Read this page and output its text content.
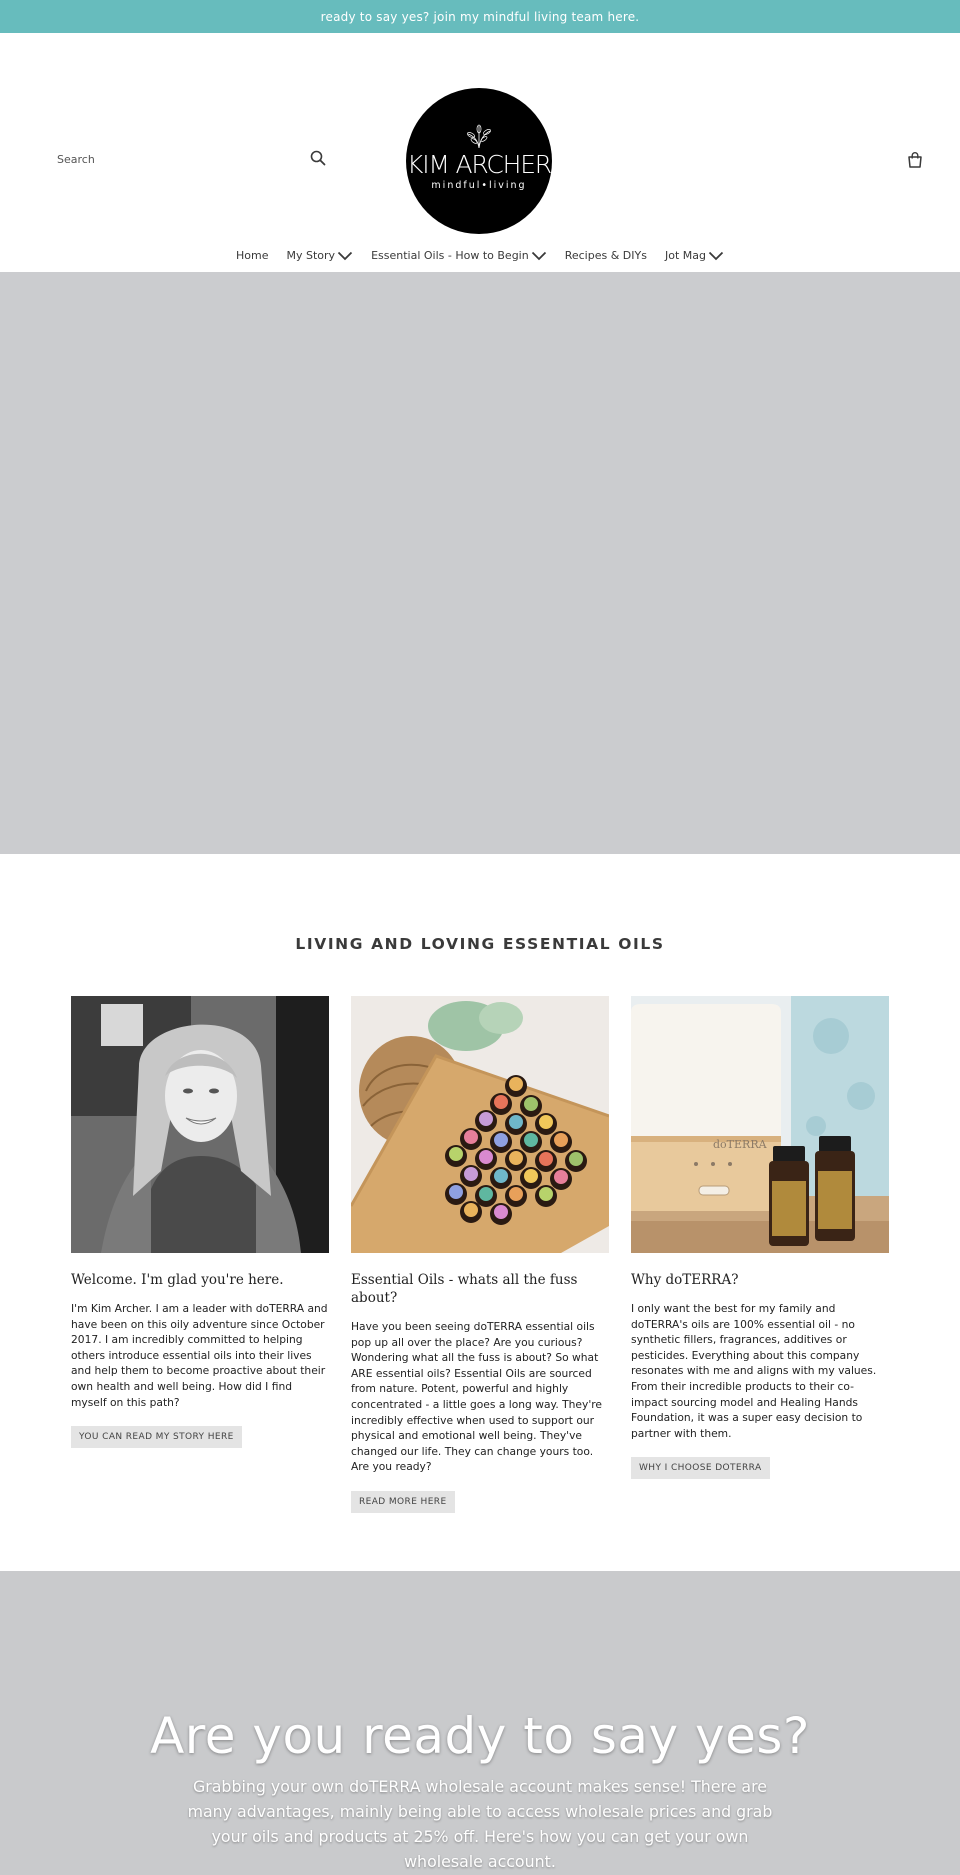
ready to say yes? join my mindful living team here.
Search
KIM ARCHER
mindful•living
Home My Story	Essential Oils - How to Begin	Recipes & DIYs Jot Mag
LIVING AND LOVING ESSENTIAL OILS
Welcome. I'm glad you're here.

I'm Kim Archer. I am a leader with doTERRA and have been on this oily adventure since October 2017. I am incredibly committed to helping others introduce essential oils into their lives and help them to become proactive about their own health and well being. How did I find myself on this path?

YOU CAN READ MY STORY HERE
Essential Oils - whats all the fuss about?

Have you been seeing doTERRA essential oils pop up all over the place? Are you curious? Wondering what all the fuss is about? So what ARE essential oils? Essential Oils are sourced from nature. Potent, powerful and highly concentrated - a little goes a long way. They're incredibly effective when used to support our physical and emotional well being. They've changed our life. They can change yours too. Are you ready?

READ MORE HERE
doTERRA
Why doTERRA?

I only want the best for my family and doTERRA's oils are 100% essential oil - no synthetic fillers, fragrances, additives or pesticides. Everything about this company resonates with me and aligns with my values. From their incredible products to their co-impact sourcing model and Healing Hands Foundation, it was a super easy decision to partner with them.

WHY I CHOOSE DOTERRA
Are you ready to say yes?

Grabbing your own doTERRA wholesale account makes sense! There are many advantages, mainly being able to access wholesale prices and grab your oils and products at 25% off. Here's how you can get your own wholesale account.
